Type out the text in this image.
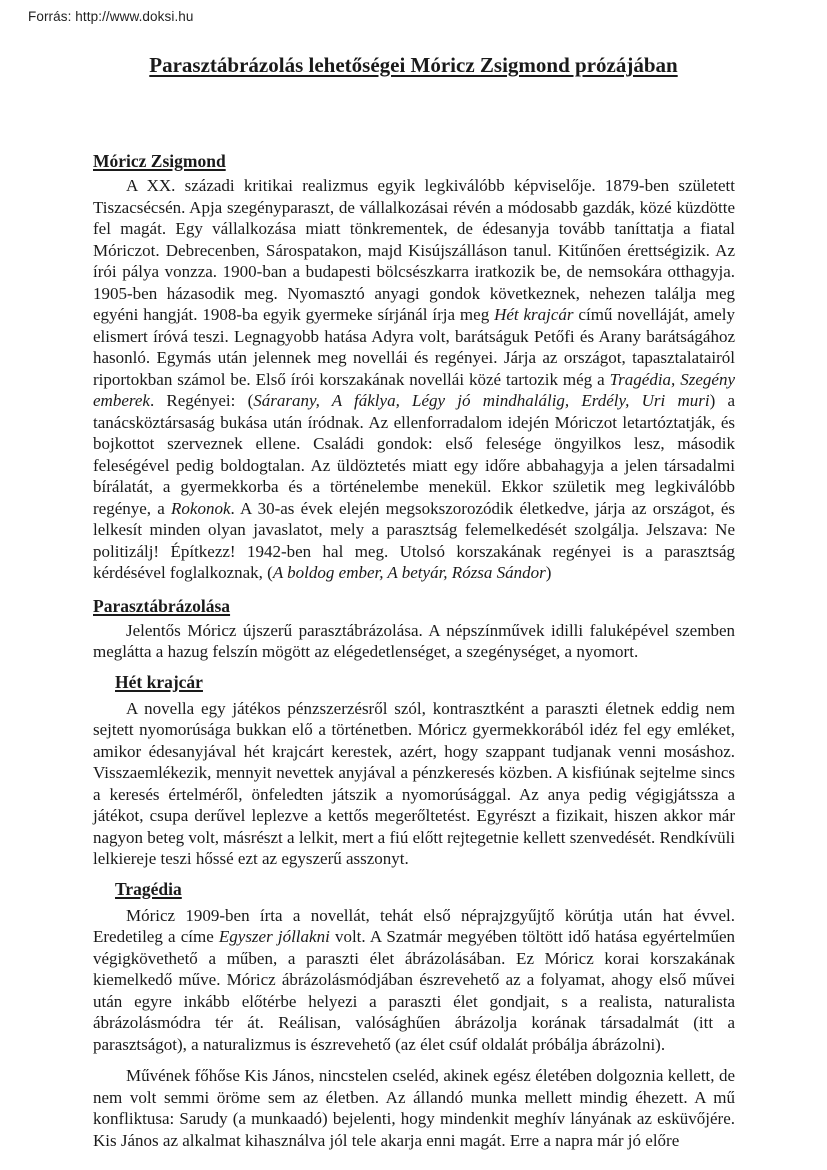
Forrás: http://www.doksi.hu
Parasztábrázolás lehetőségei Móricz Zsigmond prózájában
Móricz Zsigmond

A XX. századi kritikai realizmus egyik legkiválóbb képviselője. 1879-ben született Tiszacsécsén. Apja szegényparaszt, de vállalkozásai révén a módosabb gazdák, közé küzdötte fel magát. Egy vállalkozása miatt tönkrementek, de édesanyja tovább taníttatja a fiatal Móriczot. Debrecenben, Sárospatakon, majd Kisújszálláson tanul. Kitűnően érettségizik. Az írói pálya vonzza. 1900-ban a budapesti bölcsészkarra iratkozik be, de nemsokára otthagyja. 1905-ben házasodik meg. Nyomasztó anyagi gondok következnek, nehezen találja meg egyéni hangját. 1908-ba egyik gyermeke sírjánál írja meg Hét krajcár című novelláját, amely elismert íróvá teszi. Legnagyobb hatása Adyra volt, barátságuk Petőfi és Arany barátságához hasonló. Egymás után jelennek meg novellái és regényei. Járja az országot, tapasztalatairól riportokban számol be. Első írói korszakának novellái közé tartozik még a Tragédia, Szegény emberek. Regényei: (Sárarany, A fáklya, Légy jó mindhalálig, Erdély, Uri muri) a tanácsköztársaság bukása után íródnak. Az ellenforradalom idején Móriczot letartóztatják, és bojkottot szerveznek ellene. Családi gondok: első felesége öngyilkos lesz, második feleségével pedig boldogtalan. Az üldöztetés miatt egy időre abbahagyja a jelen társadalmi bírálatát, a gyermekkorba és a történelembe menekül. Ekkor születik meg legkiválóbb regénye, a Rokonok. A 30-as évek elején megsokszorozódik életkedve, járja az országot, és lelkesít minden olyan javaslatot, mely a parasztság felemelkedését szolgálja. Jelszava: Ne politizálj! Építkezz! 1942-ben hal meg. Utolsó korszakának regényei is a parasztság kérdésével foglalkoznak, (A boldog ember, A betyár, Rózsa Sándor)

Parasztábrázolása

Jelentős Móricz újszerű parasztábrázolása. A népszínművek idilli faluképével szemben meglátta a hazug felszín mögött az elégedetlenséget, a szegénységet, a nyomort.

Hét krajcár

A novella egy játékos pénzszerzésről szól, kontrasztként a paraszti életnek eddig nem sejtett nyomorúsága bukkan elő a történetben. Móricz gyermekkorából idéz fel egy emléket, amikor édesanyjával hét krajcárt kerestek, azért, hogy szappant tudjanak venni mosáshoz. Visszaemlékezik, mennyit nevettek anyjával a pénzkeresés közben. A kisfiúnak sejtelme sincs a keresés értelméről, önfeledten játszik a nyomorúsággal. Az anya pedig végigjátssza a játékot, csupa derűvel leplezve a kettős megerőltetést. Egyrészt a fizikait, hiszen akkor már nagyon beteg volt, másrészt a lelkit, mert a fiú előtt rejtegetnie kellett szenvedését. Rendkívüli lelkiereje teszi hőssé ezt az egyszerű asszonyt.

Tragédia

Móricz 1909-ben írta a novellát, tehát első néprajzgyűjtő körútja után hat évvel. Eredetileg a címe Egyszer jóllakni volt. A Szatmár megyében töltött idő hatása egyértelműen végigkövethető a műben, a paraszti élet ábrázolásában. Ez Móricz korai korszakának kiemelkedő műve. Móricz ábrázolásmódjában észrevehető az a folyamat, ahogy első művei után egyre inkább előtérbe helyezi a paraszti élet gondjait, s a realista, naturalista ábrázolásmódra tér át. Reálisan, valósághűen ábrázolja korának társadalmát (itt a parasztságot), a naturalizmus is észrevehető (az élet csúf oldalát próbálja ábrázolni).

Művének főhőse Kis János, nincstelen cseléd, akinek egész életében dolgoznia kellett, de nem volt semmi öröme sem az életben. Az állandó munka mellett mindig éhezett. A mű konfliktusa: Sarudy (a munkaadó) bejelenti, hogy mindenkit meghív lányának az esküvőjére. Kis János az alkalmat kihasználva jól tele akarja enni magát. Erre a napra már jó előre
